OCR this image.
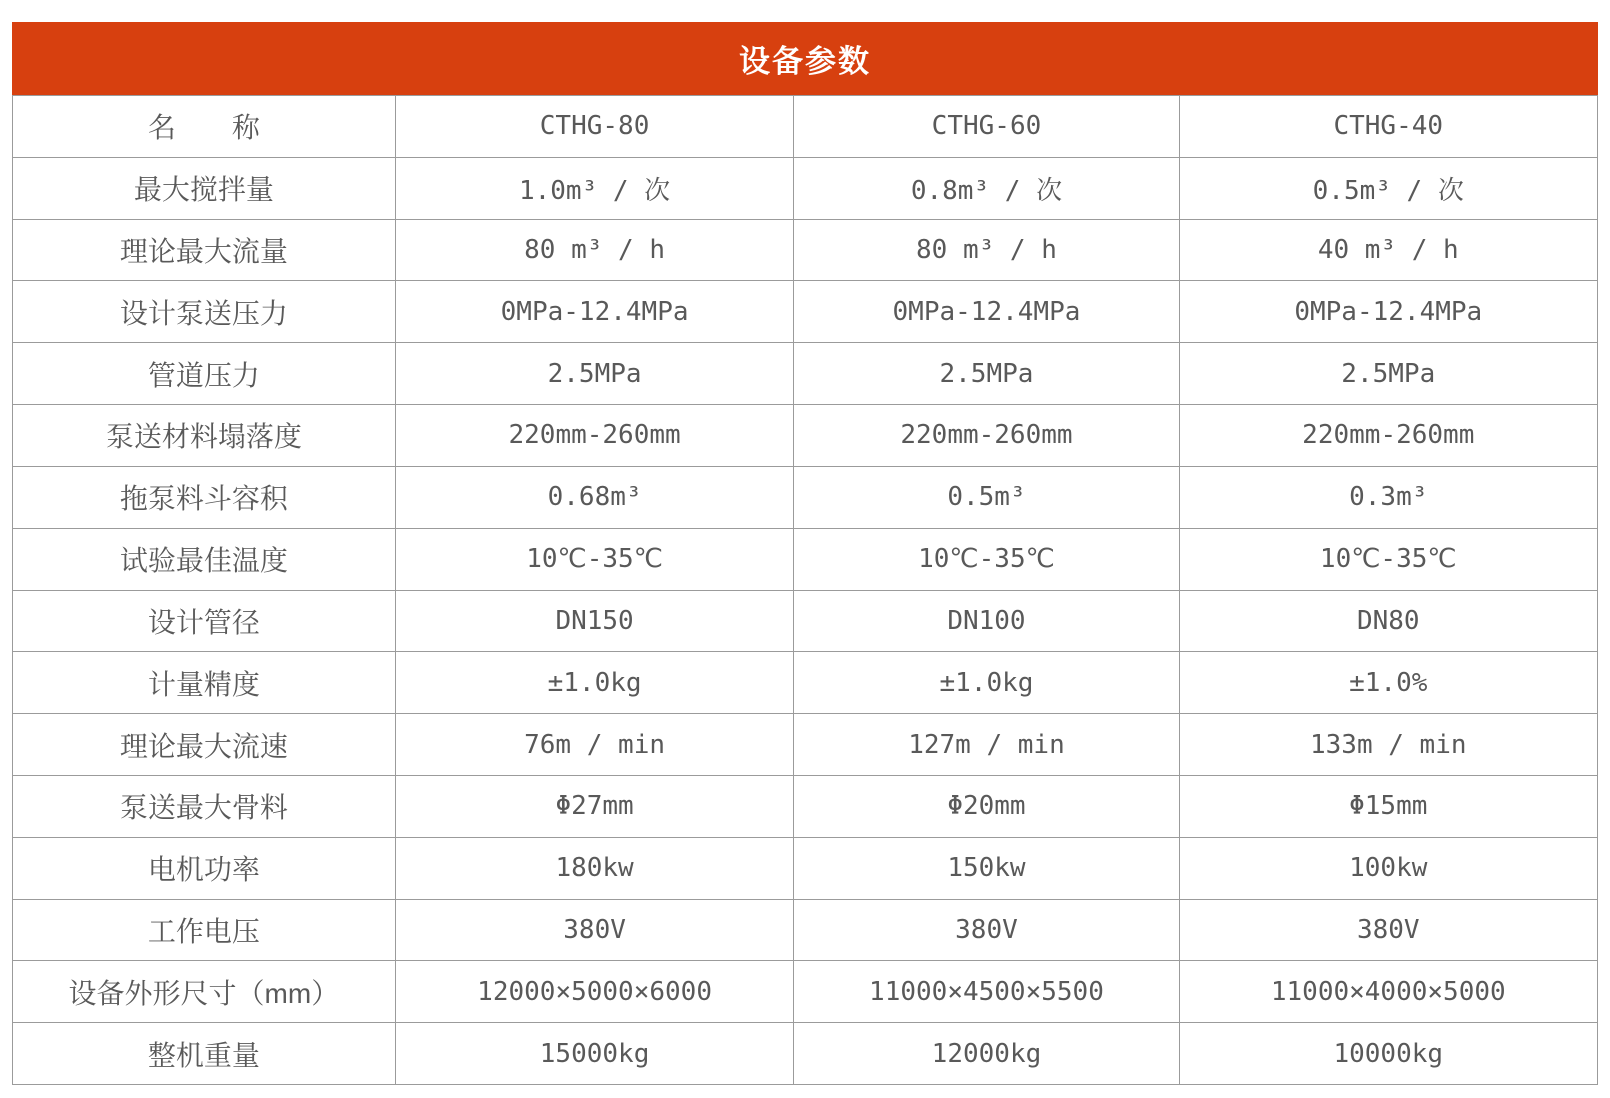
设备参数
名　　称	CTHG-80	CTHG-60	CTHG-40
最大搅拌量	1.0m³ / 次	0.8m³ / 次	0.5m³ / 次
理论最大流量	80 m³ / h	80 m³ / h	40 m³ / h
设计泵送压力	0MPa-12.4MPa	0MPa-12.4MPa	0MPa-12.4MPa
管道压力	2.5MPa	2.5MPa	2.5MPa
泵送材料塌落度	220mm-260mm	220mm-260mm	220mm-260mm
拖泵料斗容积	0.68m³	0.5m³	0.3m³
试验最佳温度	10℃-35℃	10℃-35℃	10℃-35℃
设计管径	DN150	DN100	DN80
计量精度	±1.0kg	±1.0kg	±1.0%
理论最大流速	76m / min	127m / min	133m / min
泵送最大骨料	Φ27mm	Φ20mm	Φ15mm
电机功率	180kw	150kw	100kw
工作电压	380V	380V	380V
设备外形尺寸（mm）	12000×5000×6000	11000×4500×5500	11000×4000×5000
整机重量	15000kg	12000kg	10000kg
